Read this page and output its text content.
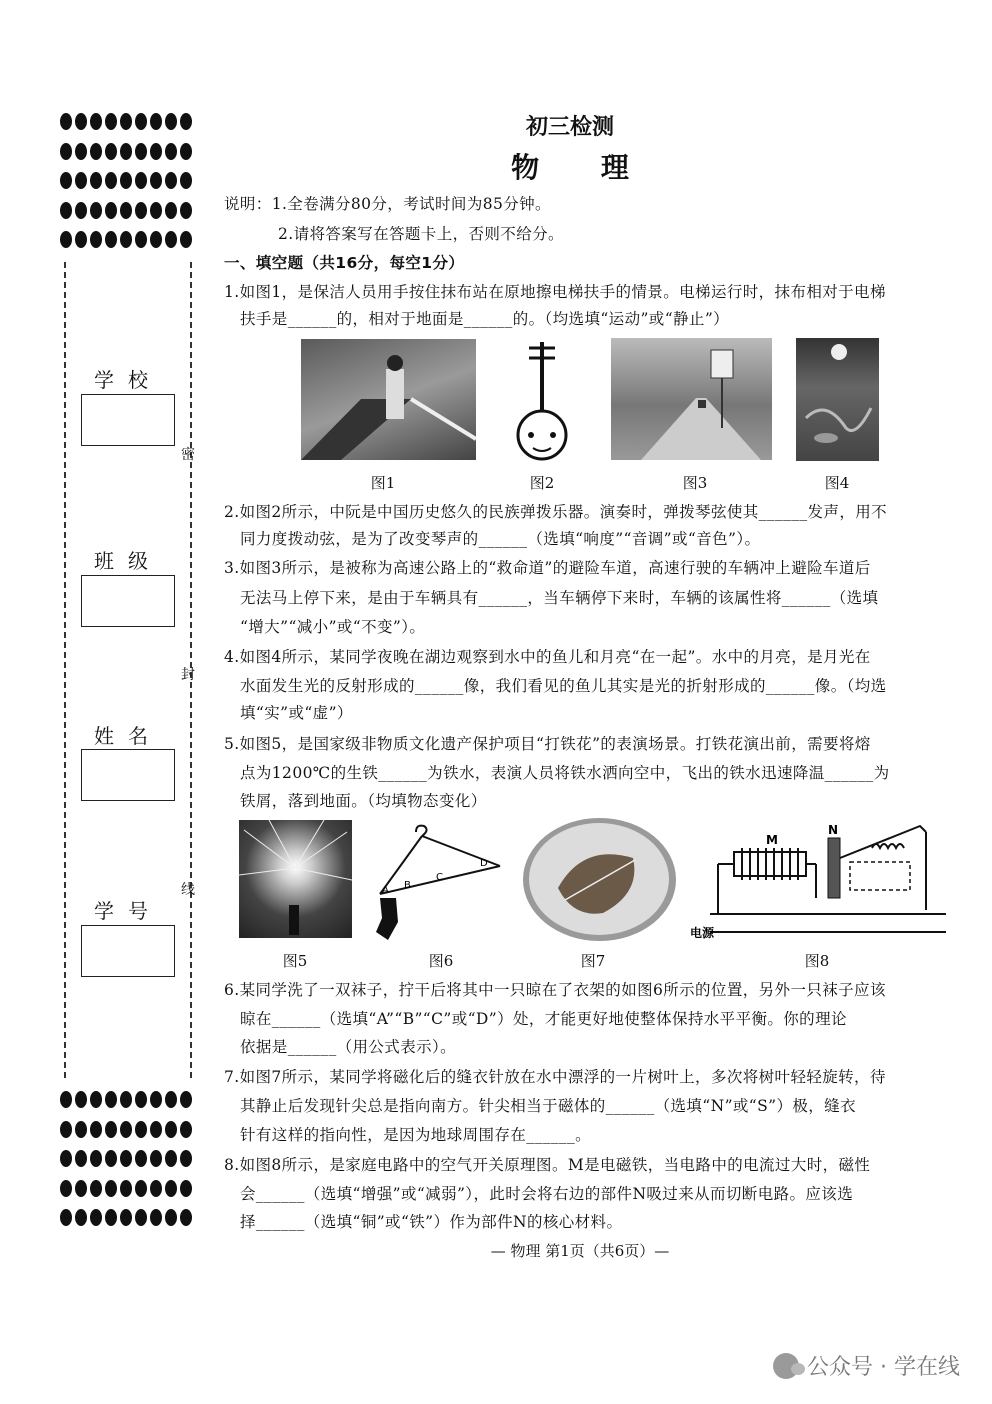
学校
班级
姓名
学号
密
封
线
初三检测
物 理
说明：1.全卷满分80分，考试时间为85分钟。
2.请将答案写在答题卡上，否则不给分。
一、填空题（共16分，每空1分）
1.如图1，是保洁人员用手按住抹布站在原地擦电梯扶手的情景。电梯运行时，抹布相对于电梯
扶手是______的，相对于地面是______的。（均选填“运动”或“静止”）
2.如图2所示，中阮是中国历史悠久的民族弹拨乐器。演奏时，弹拨琴弦使其______发声，用不
同力度拨动弦，是为了改变琴声的______（选填“响度”“音调”或“音色”）。
3.如图3所示，是被称为高速公路上的“救命道”的避险车道，高速行驶的车辆冲上避险车道后
无法马上停下来，是由于车辆具有______，当车辆停下来时，车辆的该属性将______（选填
“增大”“减小”或“不变”）。
4.如图4所示，某同学夜晚在湖边观察到水中的鱼儿和月亮“在一起”。水中的月亮，是月光在
水面发生光的反射形成的______像，我们看见的鱼儿其实是光的折射形成的______像。（均选
填“实”或“虚”）
5.如图5，是国家级非物质文化遗产保护项目“打铁花”的表演场景。打铁花演出前，需要将熔
点为1200℃的生铁______为铁水，表演人员将铁水洒向空中，飞出的铁水迅速降温______为
铁屑，落到地面。（均填物态变化）
6.某同学洗了一双袜子，拧干后将其中一只晾在了衣架的如图6所示的位置，另外一只袜子应该
晾在______（选填“A”“B”“C”或“D”）处，才能更好地使整体保持水平平衡。你的理论
依据是______（用公式表示）。
7.如图7所示，某同学将磁化后的缝衣针放在水中漂浮的一片树叶上，多次将树叶轻轻旋转，待
其静止后发现针尖总是指向南方。针尖相当于磁体的______（选填“N”或“S”）极，缝衣
针有这样的指向性，是因为地球周围存在______。
8.如图8所示，是家庭电路中的空气开关原理图。M是电磁铁，当电路中的电流过大时，磁性
会______（选填“增强”或“减弱”），此时会将右边的部件N吸过来从而切断电路。应该选
择______（选填“铜”或“铁”）作为部件N的核心材料。
图1	图2	图3	图4
A B
C
D
M
N
电源
图5	图6	图7	图8
— 物理 第1页（共6页）—
公众号 · 学在线
